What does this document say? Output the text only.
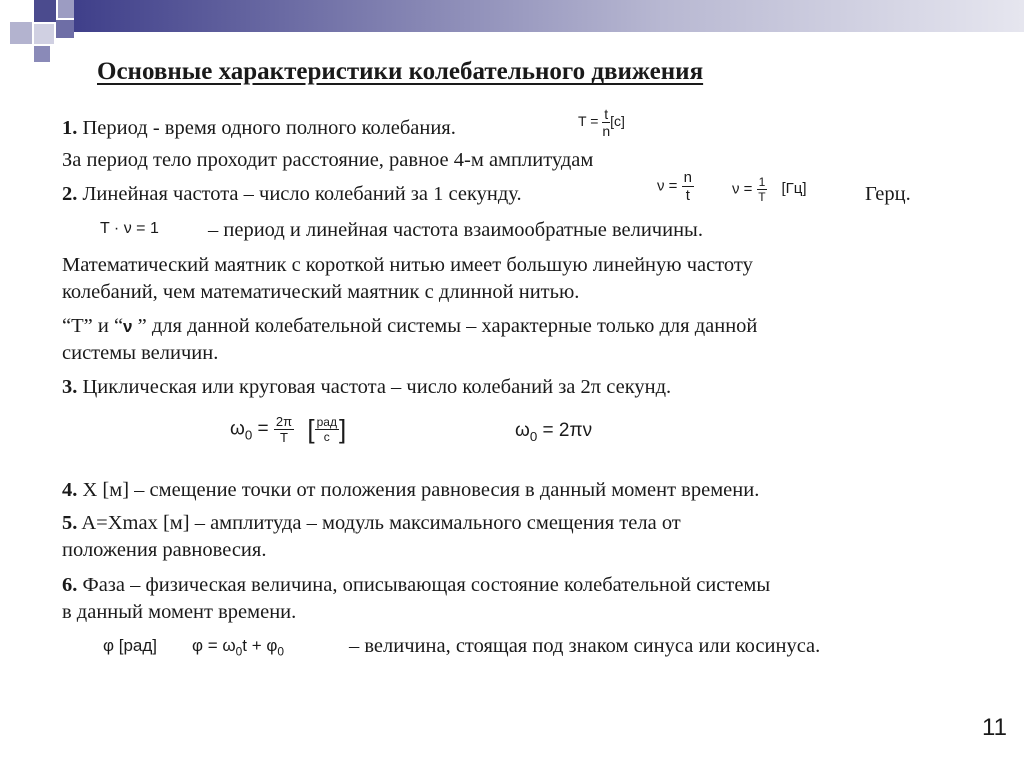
Основные характеристики колебательного движения
1. Период - время одного полного колебания.	$T = \frac{t}{n} [c]$
За период тело проходит расстояние, равное 4-м амплитудам
2. Линейная частота – число колебаний за 1 секунду.	$\nu = \frac{n}{t}$	$\nu = \frac{1}{T} [Гц]$	Герц.
T · ν = 1 – период и линейная частота взаимообратные величины.
Математический маятник с короткой нитью имеет большую линейную частоту
колебаний, чем математический маятник с длинной нитью.
“T” и “ν ” для данной колебательной системы – характерные только для данной
системы величин.
3. Циклическая или круговая частота – число колебаний за 2π секунд.
$\omega_0 = \frac{2\pi}{T}$ [ $\frac{\text{рад}}{с}$ ]	$\omega_0 = 2\pi\nu$
4. X [м] – смещение точки от положения равновесия в данный момент времени.
5. A=Xmax [м] – амплитуда – модуль максимального смещения тела от
положения равновесия.
6. Фаза – физическая величина, описывающая состояние колебательной системы
в данный момент времени.
φ [рад] $\varphi = \omega_0t + \varphi_0$	– величина, стоящая под знаком синуса или косинуса.
11
